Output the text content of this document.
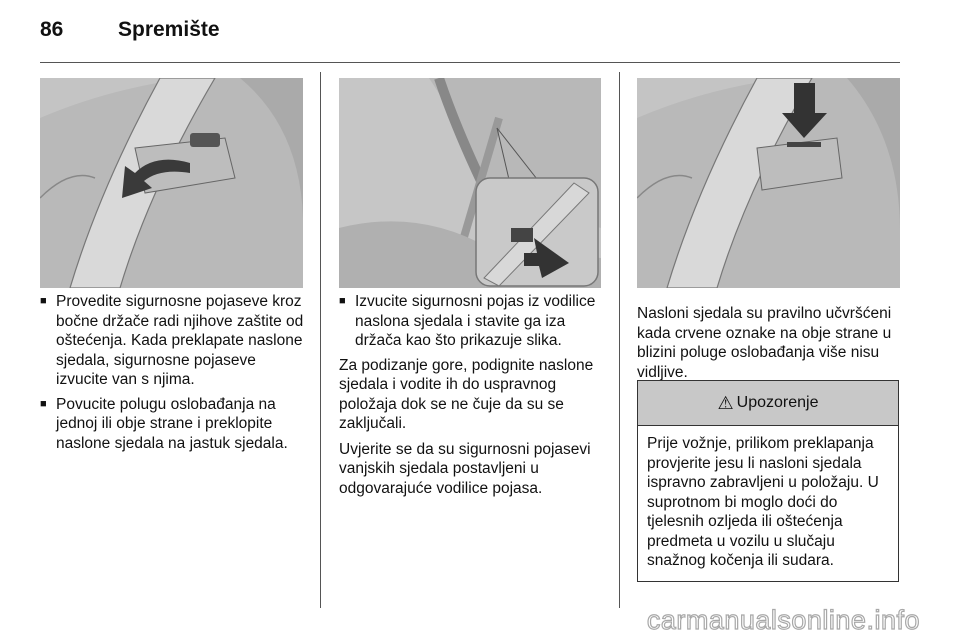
86	Spremište
■ Provedite sigurnosne pojaseve kroz bočne držače radi njihove zaštite od oštećenja. Kada preklapate naslone sjedala, sigurnosne pojaseve izvucite van s njima.
■ Povucite polugu oslobađanja na jednoj ili obje strane i preklopite naslone sjedala na jastuk sjedala.
■ Izvucite sigurnosni pojas iz vodilice naslona sjedala i stavite ga iza držača kao što prikazuje slika.

Za podizanje gore, podignite naslone sjedala i vodite ih do uspravnog položaja dok se ne čuje da su se zaključali.

Uvjerite se da su sigurnosni pojasevi vanjskih sjedala postavljeni u odgovarajuće vodilice pojasa.

Nasloni sjedala su pravilno učvršćeni kada crvene oznake na obje strane u blizini poluge oslobađanja više nisu vidljive.

⚠ Upozorenje
Prije vožnje, prilikom preklapanja provjerite jesu li nasloni sjedala ispravno zabravljeni u položaju. U suprotnom bi moglo doći do tjelesnih ozljeda ili oštećenja predmeta u vozilu u slučaju snažnog kočenja ili sudara.
carmanualsonline.info
